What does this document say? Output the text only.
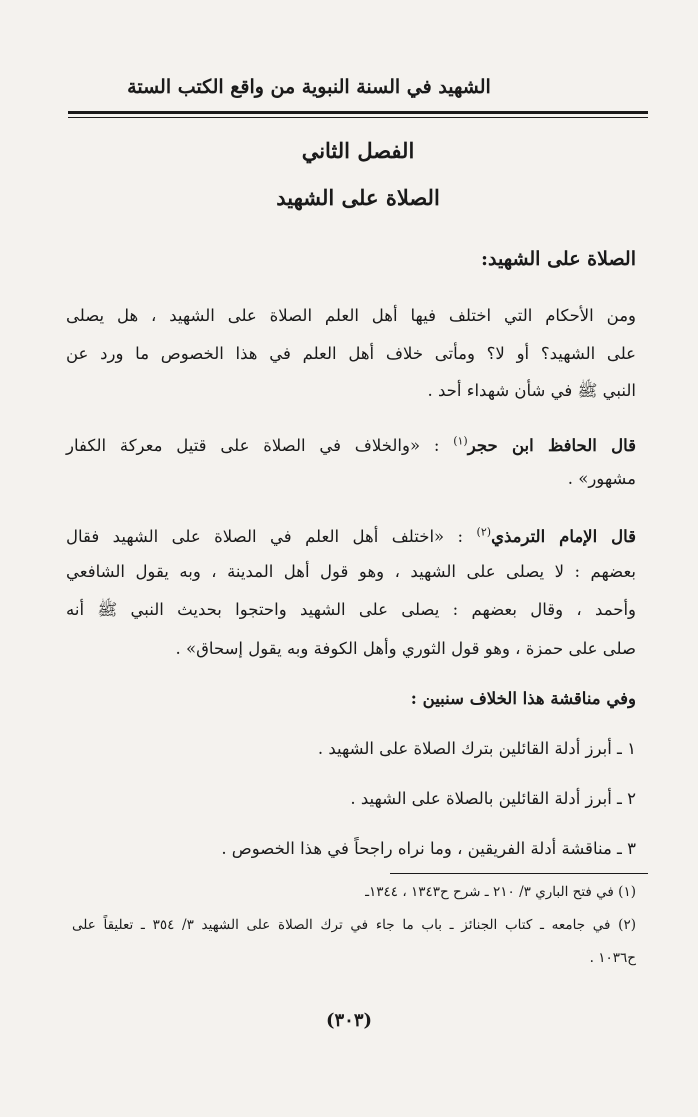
الشهيد في السنة النبوية من واقع الكتب الستة
الفصل الثاني
الصلاة على الشهيد
الصلاة على الشهيد:
ومن الأحكام التي اختلف فيها أهل العلم الصلاة على الشهيد ، هل يصلى
على الشهيد؟ أو لا؟ ومأتى خلاف أهل العلم في هذا الخصوص ما ورد عن
النبي ﷺ في شأن شهداء أحد .
قال الحافظ ابن حجر$^{(١)}$ : «والخلاف في الصلاة على قتيل معركة الكفار
مشهور» .
قال الإمام الترمذي$^{(٢)}$ : «اختلف أهل العلم في الصلاة على الشهيد فقال
بعضهم : لا يصلى على الشهيد ، وهو قول أهل المدينة ، وبه يقول الشافعي
وأحمد ، وقال بعضهم : يصلى على الشهيد واحتجوا بحديث النبي ﷺ أنه
صلى على حمزة ، وهو قول الثوري وأهل الكوفة وبه يقول إسحاق» .
وفي مناقشة هذا الخلاف سنبين :
١ ـ أبرز أدلة القائلين بترك الصلاة على الشهيد .
٢ ـ أبرز أدلة القائلين بالصلاة على الشهيد .
٣ ـ مناقشة أدلة الفريقين ، وما نراه راجحاً في هذا الخصوص .
(١) في فتح الباري ٣/ ٢١٠ ـ شرح ح١٣٤٣ ، ١٣٤٤ـ
(٢) في جامعه ـ كتاب الجنائز ـ باب ما جاء في ترك الصلاة على الشهيد ٣/ ٣٥٤ ـ تعليقاً على
ح١٠٣٦ .
(٣٠٣)
